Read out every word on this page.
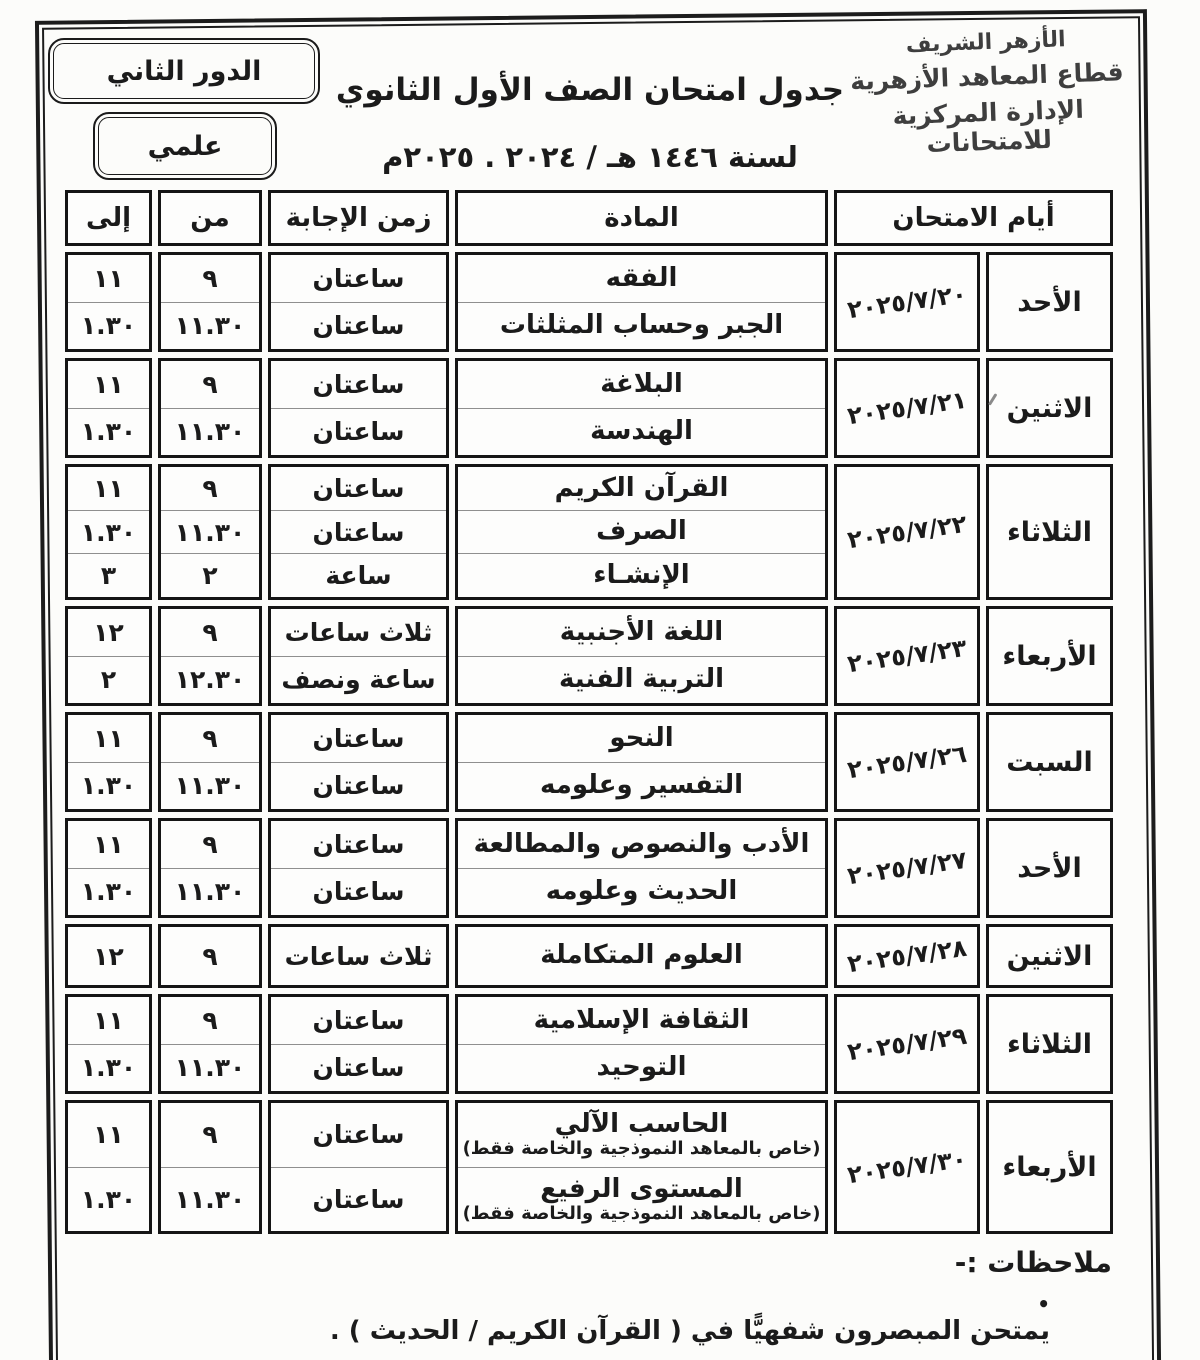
الدور الثاني
علمي
جدول امتحان الصف الأول الثانوي
لسنة ١٤٤٦ هـ / ٢٠٢٤ . ٢٠٢٥م
الأزهر الشريف
قطاع المعاهد الأزهرية
الإدارة المركزية للامتحانات
أيام الامتحان
المادة
زمن الإجابة
من
إلى
الأحد
٢٠٢٥/٧/٢٠
الفقه
الجبر وحساب المثلثات
ساعتان
ساعتان
٩
١١.٣٠
١١
١.٣٠
الاثنين
٢٠٢٥/٧/٢١
البلاغة
الهندسة
ساعتان
ساعتان
٩
١١.٣٠
١١
١.٣٠
الثلاثاء
٢٠٢٥/٧/٢٢
القرآن الكريم
الصرف
الإنشـاء
ساعتان
ساعتان
ساعة
٩
١١.٣٠
٢
١١
١.٣٠
٣
الأربعاء
٢٠٢٥/٧/٢٣
اللغة الأجنبية
التربية الفنية
ثلاث ساعات
ساعة ونصف
٩
١٢.٣٠
١٢
٢
السبت
٢٠٢٥/٧/٢٦
النحو
التفسير وعلومه
ساعتان
ساعتان
٩
١١.٣٠
١١
١.٣٠
الأحد
٢٠٢٥/٧/٢٧
الأدب والنصوص والمطالعة
الحديث وعلومه
ساعتان
ساعتان
٩
١١.٣٠
١١
١.٣٠
الاثنين
٢٠٢٥/٧/٢٨
العلوم المتكاملة
ثلاث ساعات
٩
١٢
الثلاثاء
٢٠٢٥/٧/٢٩
الثقافة الإسلامية
التوحيد
ساعتان
ساعتان
٩
١١.٣٠
١١
١.٣٠
الأربعاء
٢٠٢٥/٧/٣٠
الحاسب الآلي
(خاص بالمعاهد النموذجية والخاصة فقط)
المستوى الرفيع
(خاص بالمعاهد النموذجية والخاصة فقط)
ساعتان
ساعتان
٩
١١.٣٠
١١
١.٣٠
ملاحظات :-
•
يمتحن المبصرون شفهيًّا في ( القرآن الكريم / الحديث ) .
